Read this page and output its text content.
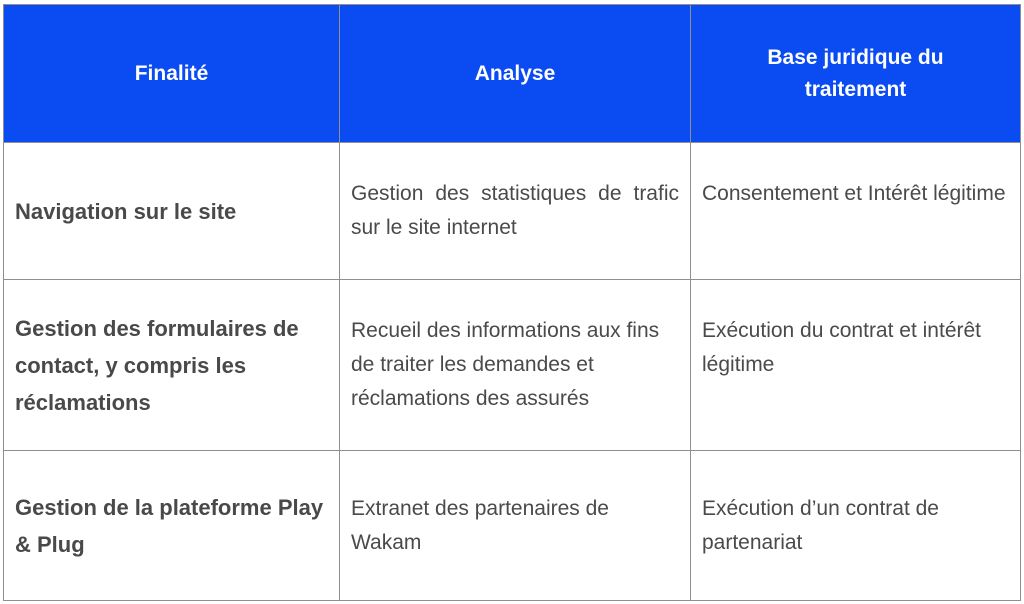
Finalité	Analyse	Base juridique du traitement
Navigation sur le site	Gestion des statistiques de trafic sur le site internet	Consentement et Intérêt légitime
Gestion des formulaires de contact, y compris les réclamations	Recueil des informations aux fins de traiter les demandes et réclamations des assurés	Exécution du contrat et intérêt légitime
Gestion de la plateforme Play & Plug	Extranet des partenaires de Wakam	Exécution d’un contrat de partenariat
